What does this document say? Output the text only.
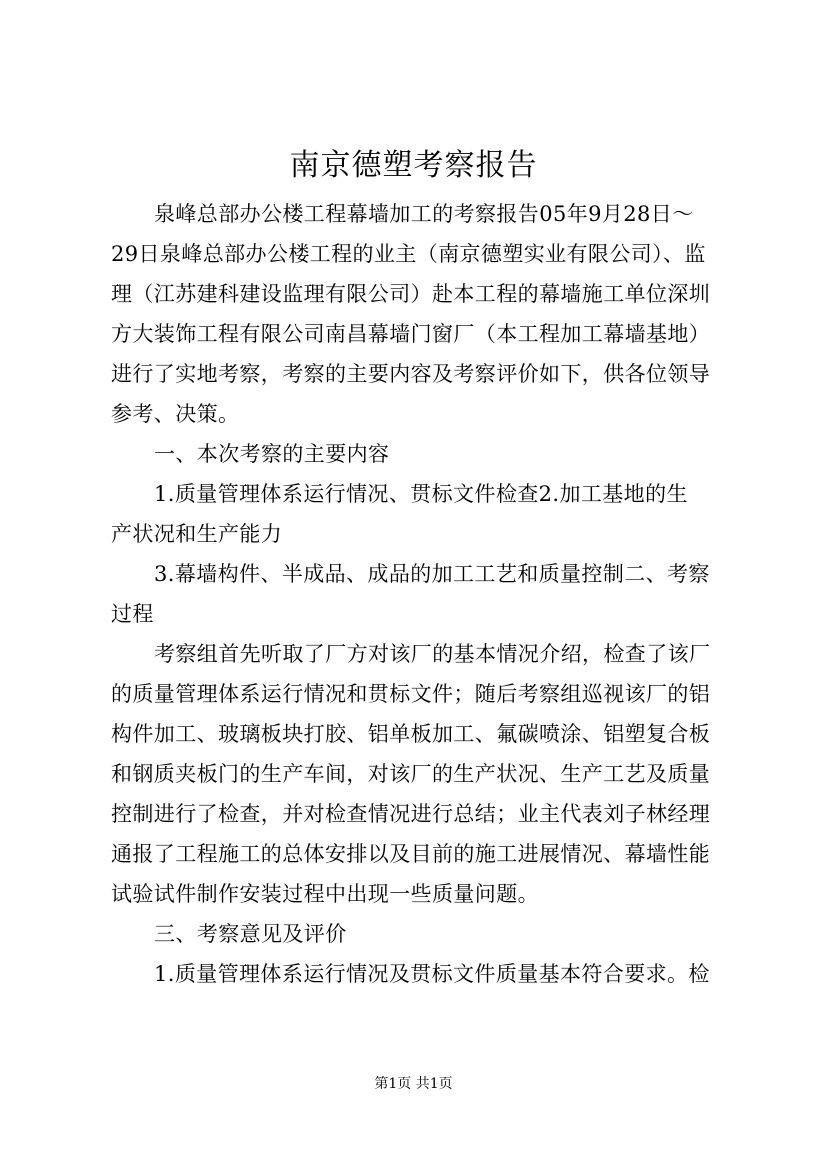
南京德塑考察报告
泉峰总部办公楼工程幕墙加工的考察报告05年9月28日～
29日泉峰总部办公楼工程的业主（南京德塑实业有限公司）、监
理（江苏建科建设监理有限公司）赴本工程的幕墙施工单位深圳
方大装饰工程有限公司南昌幕墙门窗厂（本工程加工幕墙基地）
进行了实地考察，考察的主要内容及考察评价如下，供各位领导
参考、决策。
一、本次考察的主要内容
1.质量管理体系运行情况、贯标文件检查2.加工基地的生
产状况和生产能力
3.幕墙构件、半成品、成品的加工工艺和质量控制二、考察
过程
考察组首先听取了厂方对该厂的基本情况介绍，检查了该厂
的质量管理体系运行情况和贯标文件；随后考察组巡视该厂的铝
构件加工、玻璃板块打胶、铝单板加工、氟碳喷涂、铝塑复合板
和钢质夹板门的生产车间，对该厂的生产状况、生产工艺及质量
控制进行了检查，并对检查情况进行总结；业主代表刘子林经理
通报了工程施工的总体安排以及目前的施工进展情况、幕墙性能
试验试件制作安装过程中出现一些质量问题。
三、考察意见及评价
1.质量管理体系运行情况及贯标文件质量基本符合要求。检
第1页 共1页
